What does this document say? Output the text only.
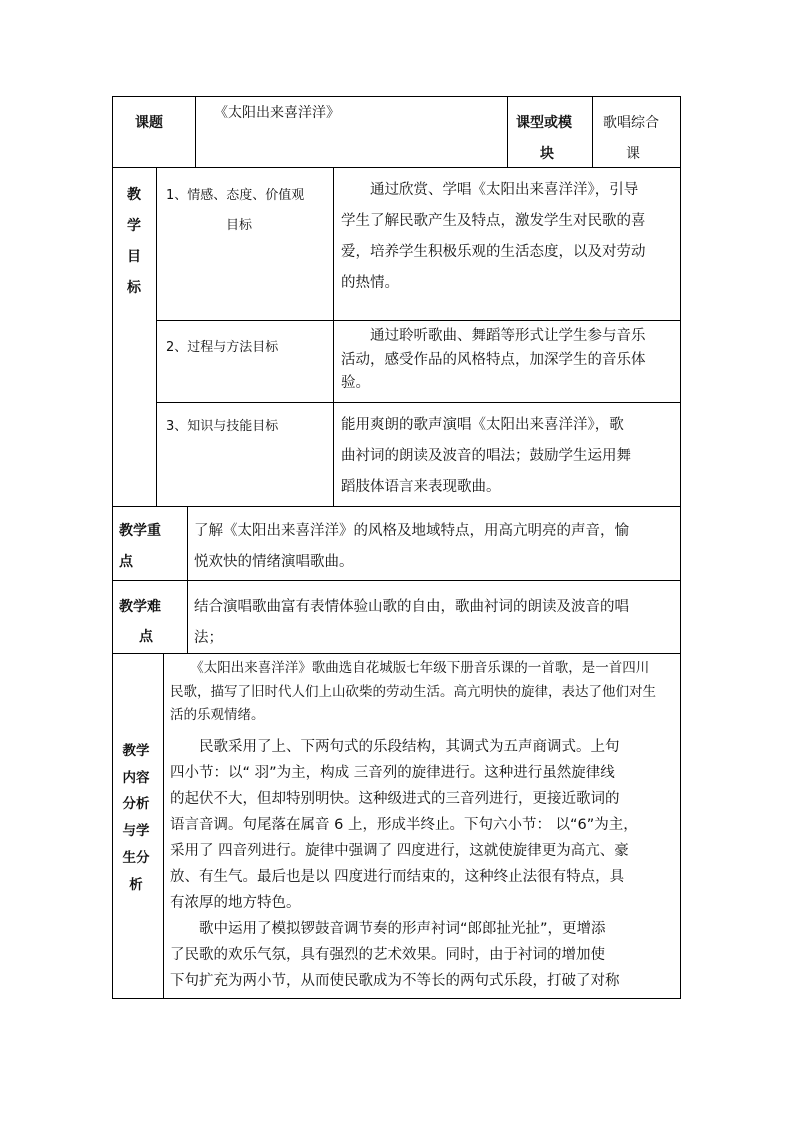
课题
《太阳出来喜洋洋》
课型或模
块
歌唱综合
课
教
学
目
标
1、情感、态度、价值观
目标
　　通过欣赏、学唱《太阳出来喜洋洋》，引导
学生了解民歌产生及特点，激发学生对民歌的喜
爱，培养学生积极乐观的生活态度，以及对劳动
的热情。
2、过程与方法目标
　　通过聆听歌曲、舞蹈等形式让学生参与音乐
活动，感受作品的风格特点，加深学生的音乐体
验。
3、知识与技能目标	能用爽朗的歌声演唱《太阳出来喜洋洋》，歌
曲衬词的朗读及波音的唱法；鼓励学生运用舞
蹈肢体语言来表现歌曲。
教学重
点
了解《太阳出来喜洋洋》的风格及地域特点，用高亢明亮的声音，愉
悦欢快的情绪演唱歌曲。
教学难
点
结合演唱歌曲富有表情体验山歌的自由，歌曲衬词的朗读及波音的唱
法；
教学
内容
分析
与学
生分
析
　　《太阳出来喜洋洋》歌曲选自花城版七年级下册音乐课的一首歌，是一首四川
民歌，描写了旧时代人们上山砍柴的劳动生活。高亢明快的旋律，表达了他们对生
活的乐观情绪。
　　民歌采用了上、下两句式的乐段结构，其调式为五声商调式。上句
四小节：以“ 羽”为主，构成 三音列的旋律进行。这种进行虽然旋律线
的起伏不大，但却特别明快。这种级进式的三音列进行，更接近歌词的
语言音调。句尾落在属音 6 上，形成半终止。下句六小节： 以“6”为主，
采用了 四音列进行。旋律中强调了 四度进行，这就使旋律更为高亢、豪
放、有生气。最后也是以 四度进行而结束的，这种终止法很有特点，具
有浓厚的地方特色。
　　歌中运用了模拟锣鼓音调节奏的形声衬词“郎郎扯光扯”，更增添
了民歌的欢乐气氛，具有强烈的艺术效果。同时，由于衬词的增加使
下句扩充为两小节，从而使民歌成为不等长的两句式乐段，打破了对称
